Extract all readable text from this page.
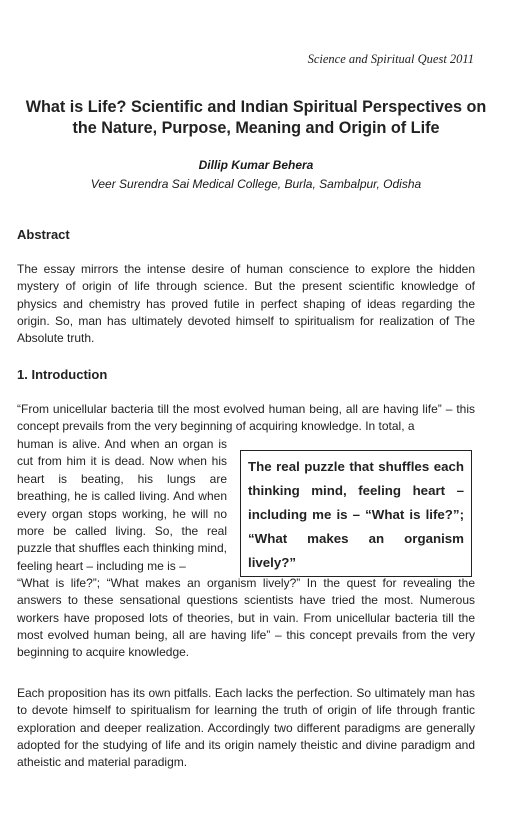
Science and Spiritual Quest 2011
What is Life? Scientific and Indian Spiritual Perspectives on the Nature, Purpose, Meaning and Origin of Life
Dillip Kumar Behera
Veer Surendra Sai Medical College, Burla, Sambalpur, Odisha
Abstract

The essay mirrors the intense desire of human conscience to explore the hidden mystery of origin of life through science. But the present scientific knowledge of physics and chemistry has proved futile in perfect shaping of ideas regarding the origin. So, man has ultimately devoted himself to spiritualism for realization of The Absolute truth.

1. Introduction

“From unicellular bacteria till the most evolved human being, all are having life” – this concept prevails from the very beginning of acquiring knowledge. In total, a

human is alive. And when an organ is cut from him it is dead. Now when his heart is beating, his lungs are breathing, he is called living. And when every organ stops working, he will no more be called living. So, the real puzzle that shuffles each thinking mind, feeling heart – including me is –

The real puzzle that shuffles each thinking mind, feeling heart – including me is – “What is life?”; “What makes an organism lively?”

“What is life?”; “What makes an organism lively?” In the quest for revealing the answers to these sensational questions scientists have tried the most. Numerous workers have proposed lots of theories, but in vain. From unicellular bacteria till the most evolved human being, all are having life” – this concept prevails from the very beginning to acquire knowledge.

Each proposition has its own pitfalls. Each lacks the perfection. So ultimately man has to devote himself to spiritualism for learning the truth of origin of life through frantic exploration and deeper realization. Accordingly two different paradigms are generally adopted for the studying of life and its origin namely theistic and divine paradigm and atheistic and material paradigm.
